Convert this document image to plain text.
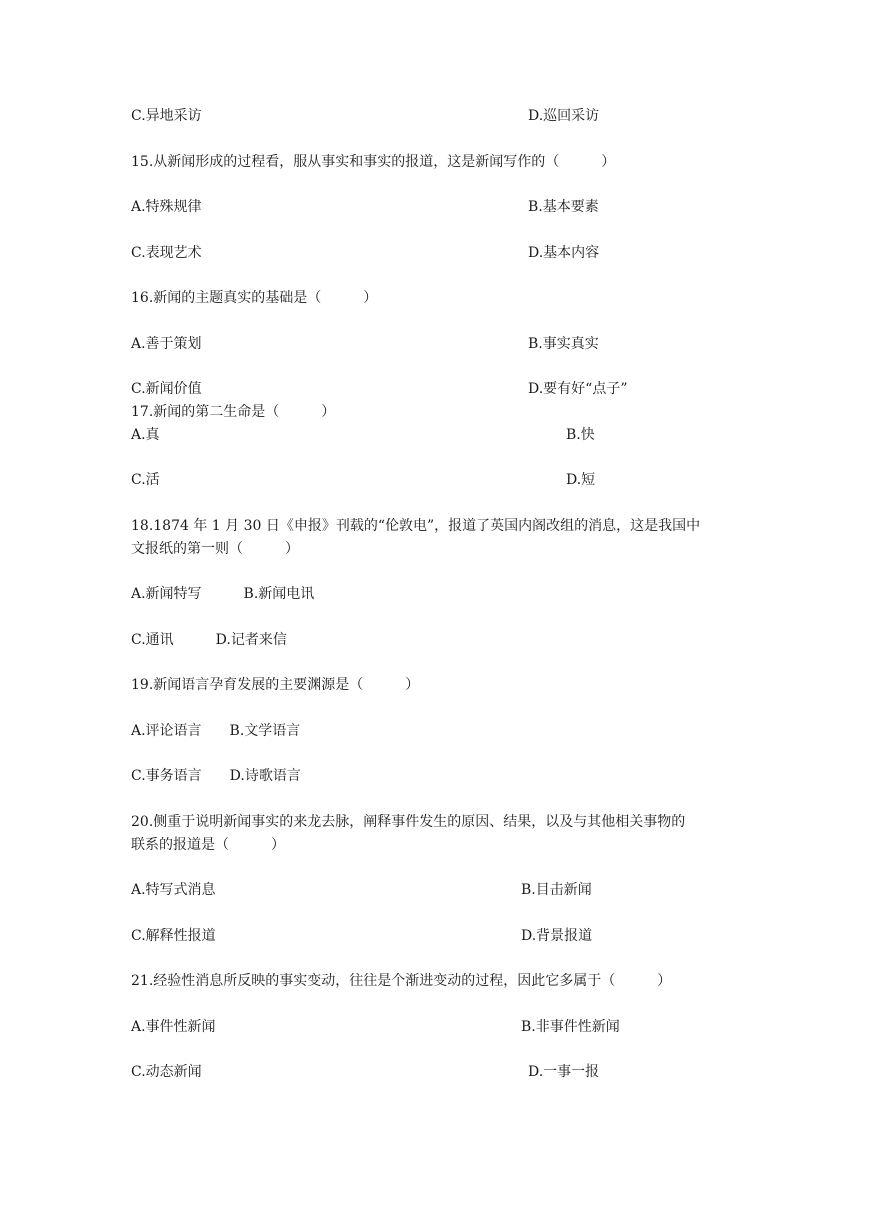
C.异地采访	D.巡回采访
15.从新闻形成的过程看，服从事实和事实的报道，这是新闻写作的（　　　）
A.特殊规律	B.基本要素
C.表现艺术	D.基本内容
16.新闻的主题真实的基础是（　　　）
A.善于策划	B.事实真实
C.新闻价值	D.要有好“点子”
17.新闻的第二生命是（　　　）
A.真	B.快
C.活	D.短
18.1874 年 1 月 30 日《申报》刊载的“伦敦电”，报道了英国内阁改组的消息，这是我国中
文报纸的第一则（　　　）
A.新闻特写　　　B.新闻电讯
C.通讯　　　D.记者来信
19.新闻语言孕育发展的主要渊源是（　　　）
A.评论语言　　B.文学语言
C.事务语言　　D.诗歌语言
20.侧重于说明新闻事实的来龙去脉，阐释事件发生的原因、结果，以及与其他相关事物的
联系的报道是（　　　）
A.特写式消息	B.目击新闻
C.解释性报道	D.背景报道
21.经验性消息所反映的事实变动，往往是个渐进变动的过程，因此它多属于（　　　）
A.事件性新闻	B.非事件性新闻
C.动态新闻	D.一事一报
